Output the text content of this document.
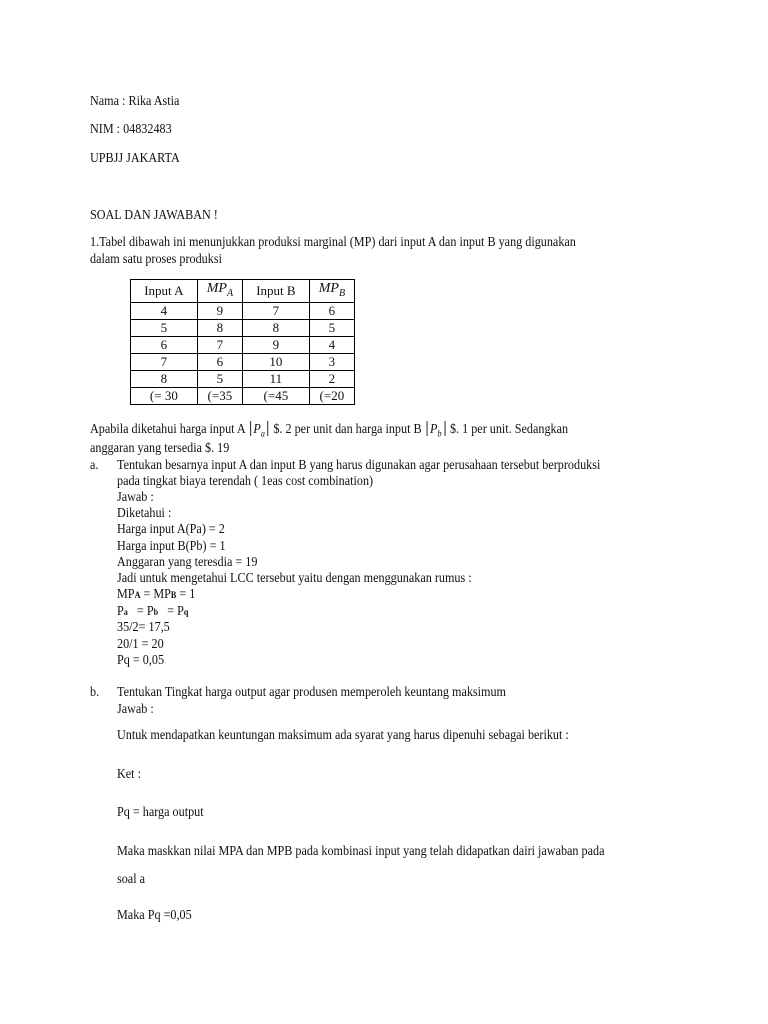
Nama : Rika Astia
NIM : 04832483
UPBJJ JAKARTA
SOAL DAN JAWABAN !
1.Tabel dibawah ini menunjukkan produksi marginal (MP) dari input A dan input B yang digunakan
dalam satu proses produksi
Input A	$MP_A$	Input B	$MP_B$
4	9	7	6
5	8	8	5
6	7	9	4
7	6	10	3
8	5	11	2
(= 30	(=35	(=45	(=20
Apabila diketahui harga input A $P_a$ $. 2 per unit dan harga input B $P_b$ $. 1 per unit. Sedangkan
anggaran yang tersedia $. 19
a. Tentukan besarnya input A dan input B yang harus digunakan agar perusahaan tersebut berproduksi
pada tingkat biaya terendah ( 1eas cost combination)
Jawab :
Diketahui :
Harga input A(Pa) = 2
Harga input B(Pb) = 1
Anggaran yang teresdia = 19
Jadi untuk mengetahui LCC tersebut yaitu dengan menggunakan rumus :
MPA = MPB = 1
Pa   = Pb   = Pq
35/2= 17,5
20/1 = 20
Pq = 0,05
b. Tentukan Tingkat harga output agar produsen memperoleh keuntang maksimum
Jawab :
Untuk mendapatkan keuntungan maksimum ada syarat yang harus dipenuhi sebagai berikut :
Ket :
Pq = harga output
Maka maskkan nilai MPA dan MPB pada kombinasi input yang telah didapatkan dairi jawaban pada
soal a
Maka Pq =0,05
